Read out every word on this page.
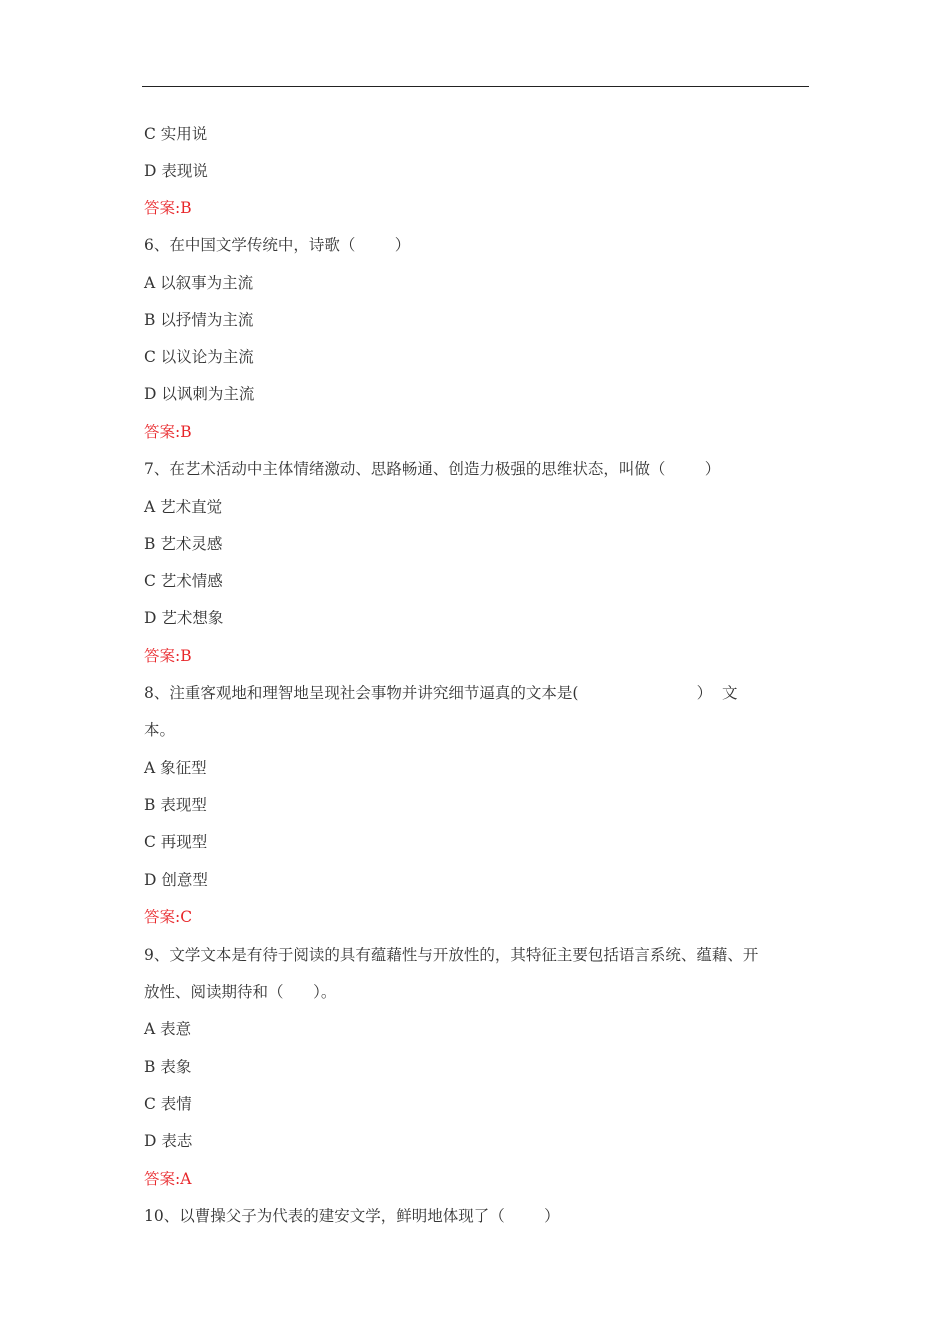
C 实用说
D 表现说
答案:B
6、在中国文学传统中，诗歌（        ）
A 以叙事为主流
B 以抒情为主流
C 以议论为主流
D 以讽刺为主流
答案:B
7、在艺术活动中主体情绪激动、思路畅通、创造力极强的思维状态，叫做（        ）
A 艺术直觉
B 艺术灵感
C 艺术情感
D 艺术想象
答案:B
8、注重客观地和理智地呈现社会事物并讲究细节逼真的文本是(                        ）  文
本。
A 象征型
B 表现型
C 再现型
D 创意型
答案:C
9、文学文本是有待于阅读的具有蕴藉性与开放性的，其特征主要包括语言系统、蕴藉、开
放性、阅读期待和（      ）。
A 表意
B 表象
C 表情
D 表志
答案:A
10、以曹操父子为代表的建安文学，鲜明地体现了（        ）
